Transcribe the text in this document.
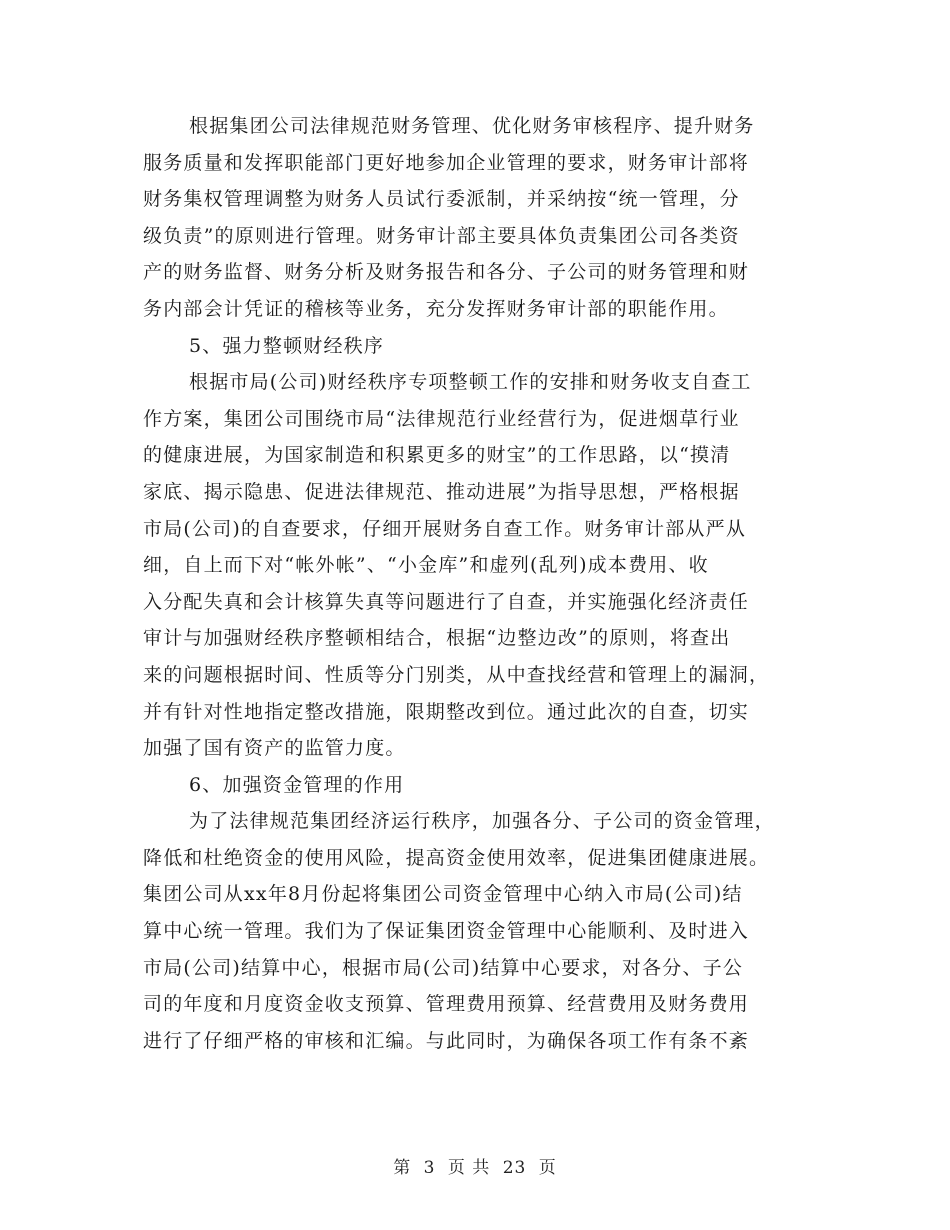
根据集团公司法律规范财务管理、优化财务审核程序、提升财务
服务质量和发挥职能部门更好地参加企业管理的要求，财务审计部将
财务集权管理调整为财务人员试行委派制，并采纳按“统一管理，分
级负责”的原则进行管理。财务审计部主要具体负责集团公司各类资
产的财务监督、财务分析及财务报告和各分、子公司的财务管理和财
务内部会计凭证的稽核等业务，充分发挥财务审计部的职能作用。
5、强力整顿财经秩序
根据市局(公司)财经秩序专项整顿工作的安排和财务收支自查工
作方案，集团公司围绕市局“法律规范行业经营行为，促进烟草行业
的健康进展，为国家制造和积累更多的财宝”的工作思路，以“摸清
家底、揭示隐患、促进法律规范、推动进展”为指导思想，严格根据
市局(公司)的自查要求，仔细开展财务自查工作。财务审计部从严从
细，自上而下对“帐外帐”、“小金库”和虚列(乱列)成本费用、收
入分配失真和会计核算失真等问题进行了自查，并实施强化经济责任
审计与加强财经秩序整顿相结合，根据“边整边改”的原则，将查出
来的问题根据时间、性质等分门别类，从中查找经营和管理上的漏洞，
并有针对性地指定整改措施，限期整改到位。通过此次的自查，切实
加强了国有资产的监管力度。
6、加强资金管理的作用
为了法律规范集团经济运行秩序，加强各分、子公司的资金管理，
降低和杜绝资金的使用风险，提高资金使用效率，促进集团健康进展。
集团公司从xx年8月份起将集团公司资金管理中心纳入市局(公司)结
算中心统一管理。我们为了保证集团资金管理中心能顺利、及时进入
市局(公司)结算中心，根据市局(公司)结算中心要求，对各分、子公
司的年度和月度资金收支预算、管理费用预算、经营费用及财务费用
进行了仔细严格的审核和汇编。与此同时，为确保各项工作有条不紊
第 3 页 共 23 页
